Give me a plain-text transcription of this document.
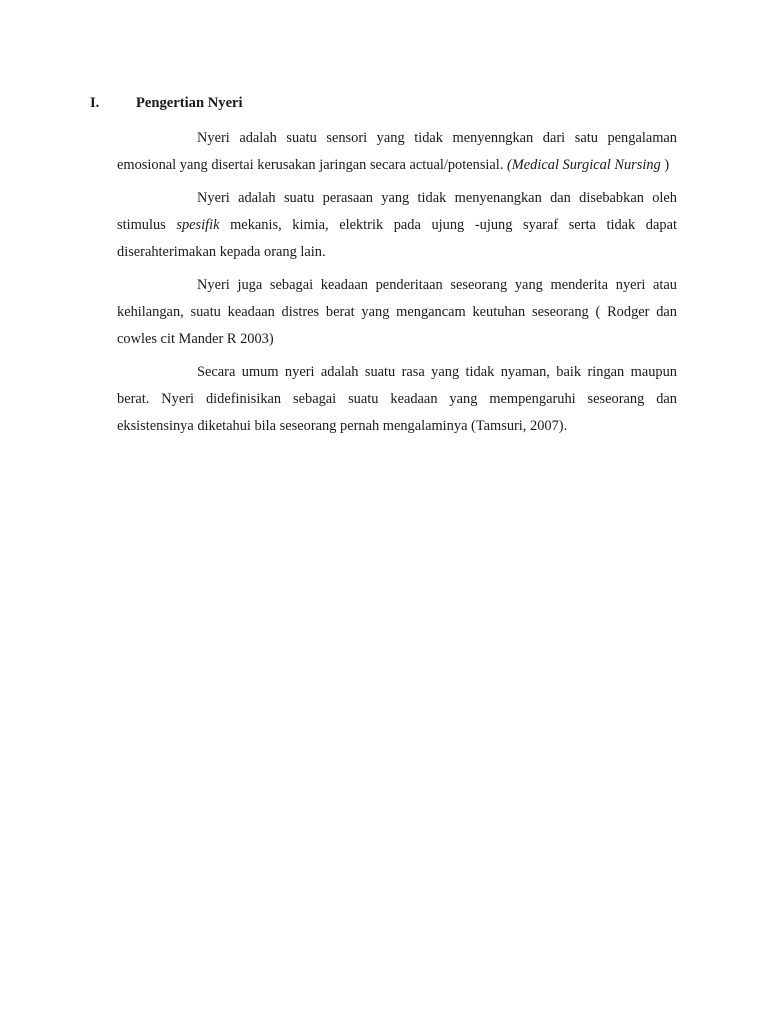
I.	Pengertian Nyeri

Nyeri adalah suatu sensori yang tidak menyenngkan dari satu pengalaman emosional yang disertai kerusakan jaringan secara actual/potensial. (Medical Surgical Nursing )

Nyeri adalah suatu perasaan yang tidak menyenangkan dan disebabkan oleh stimulus spesifik mekanis, kimia, elektrik pada ujung -ujung syaraf serta tidak dapat diserahterimakan kepada orang lain.

Nyeri juga sebagai keadaan penderitaan seseorang yang menderita nyeri atau kehilangan, suatu keadaan distres berat yang mengancam keutuhan seseorang ( Rodger dan cowles cit Mander R 2003)

Secara umum nyeri adalah suatu rasa yang tidak nyaman, baik ringan maupun berat. Nyeri didefinisikan sebagai suatu keadaan yang mempengaruhi seseorang dan eksistensinya diketahui bila seseorang pernah mengalaminya (Tamsuri, 2007).
